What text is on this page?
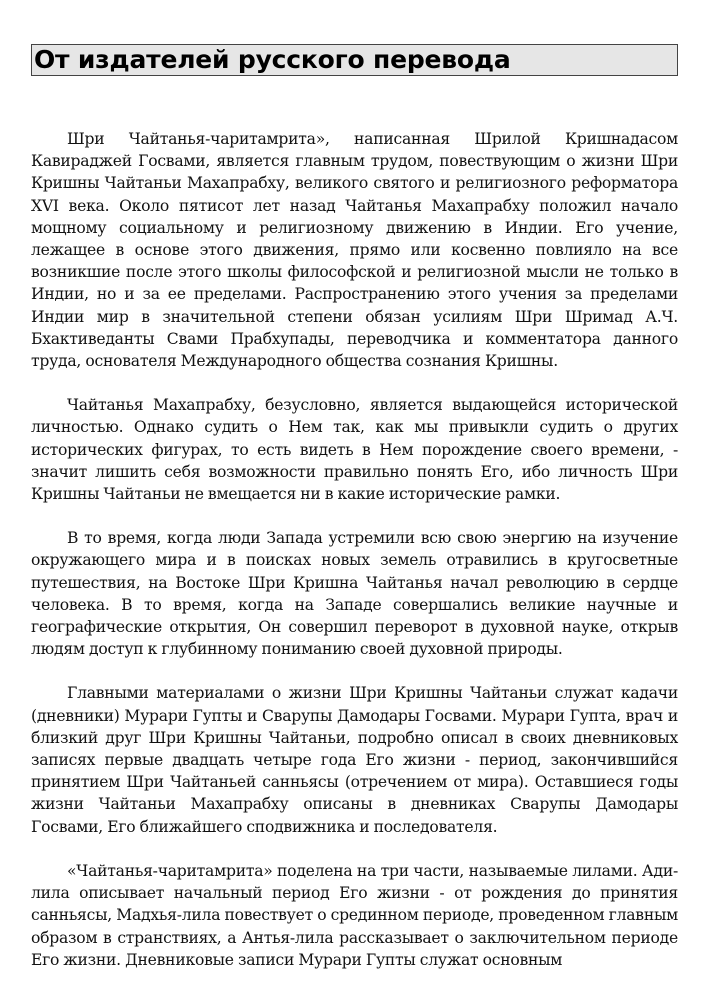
От издателей русского перевода

Шри Чайтанья-чаритамрита», написанная Шрилой Кришнадасом Кавираджей Госвами, является главным трудом, повествующим о жизни Шри Кришны Чайтаньи Махапрабху, великого святого и религиозного реформатора XVI века. Около пятисот лет назад Чайтанья Махапрабху положил начало мощному социальному и религиозному движению в Индии. Его учение, лежащее в основе этого движения, прямо или косвенно повлияло на все возникшие после этого школы философской и религиозной мысли не только в Индии, но и за ее пределами. Распространению этого учения за пределами Индии мир в значительной степени обязан усилиям Шри Шримад А.Ч. Бхактиведанты Свами Прабхупады, переводчика и комментатора данного труда, основателя Международного общества сознания Кришны.

Чайтанья Махапрабху, безусловно, является выдающейся исторической личностью. Однако судить о Нем так, как мы привыкли судить о других исторических фигурах, то есть видеть в Нем порождение своего времени, - значит лишить себя возможности правильно понять Его, ибо личность Шри Кришны Чайтаньи не вмещается ни в какие исторические рамки.

В то время, когда люди Запада устремили всю свою энергию на изучение окружающего мира и в поисках новых земель отравились в кругосветные путешествия, на Востоке Шри Кришна Чайтанья начал революцию в сердце человека. В то время, когда на Западе совершались великие научные и географические открытия, Он совершил переворот в духовной науке, открыв людям доступ к глубинному пониманию своей духовной природы.

Главными материалами о жизни Шри Кришны Чайтаньи служат кадачи (дневники) Мурари Гупты и Сварупы Дамодары Госвами. Мурари Гупта, врач и близкий друг Шри Кришны Чайтаньи, подробно описал в своих дневниковых записях первые двадцать четыре года Его жизни - период, закончившийся принятием Шри Чайтаньей санньясы (отречением от мира). Оставшиеся годы жизни Чайтаньи Махапрабху описаны в дневниках Сварупы Дамодары Госвами, Его ближайшего сподвижника и последователя.

«Чайтанья-чаритамрита» поделена на три части, называемые лилами. Ади-лила описывает начальный период Его жизни - от рождения до принятия санньясы, Мадхья-лила повествует о срединном периоде, проведенном главным образом в странствиях, а Антья-лила рассказывает о заключительном периоде Его жизни. Дневниковые записи Мурари Гупты служат основным
